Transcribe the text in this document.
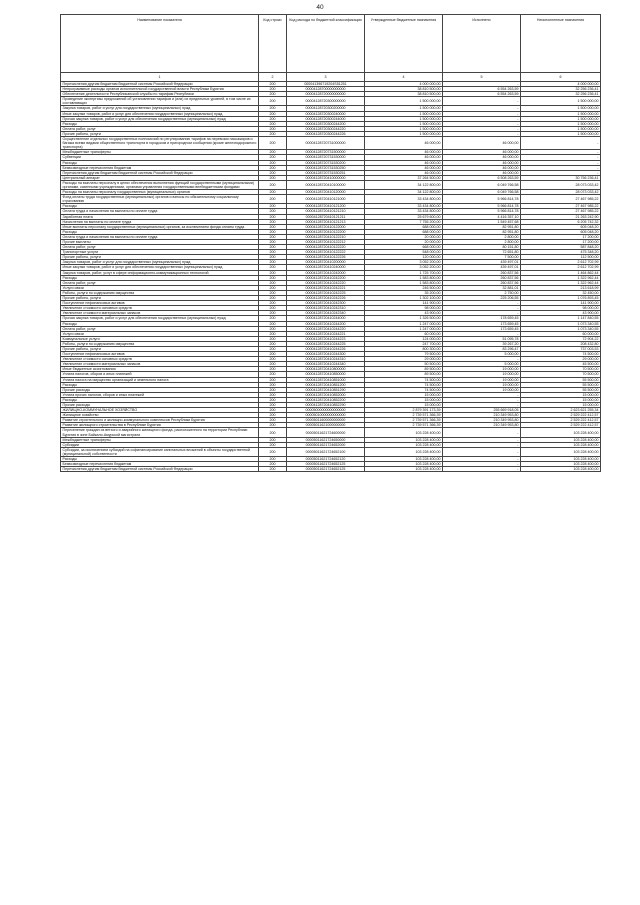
40
Наименование показателя	Код строки	Код расхода по бюджетной классификации	Утвержденные бюджетные назначения	Исполнено	Неисполненные назначения
1	2	3	4	5	6
Перечисления другим бюджетам бюджетной системы Российской Федерации	200	000041396719204S51251	4 000 000,00	-	4 000 000,00
Непрограммные расходы органов исполнительной государственной власти Республики Бурятия	200	00004128700000000000	38 810 500,00	6 554 263,59	32 256 236,41
Обеспечение деятельности Республиканской службы по тарифам Республики	200	00004128720000000000	38 810 500,00	6 554 263,59	32 256 236,41
Проведение экспертизы предложений об установлении тарифов и (или) их предельных уровней, в том числе их составляющих	200	00004128720300000000	1 500 000,00	-	1 500 000,00
Закупка товаров, работ и услуг для государственных (муниципальных) нужд	200	00004128720300200000	1 500 000,00	-	1 500 000,00
Иные закупки товаров, работ и услуг для обеспечения государственных (муниципальных) нужд	200	00004128720300240000	1 500 000,00	-	1 500 000,00
Прочая закупка товаров, работ и услуг для обеспечения государственных (муниципальных) нужд	200	00004128720300244000	1 500 000,00	-	1 500 000,00
Расходы	200	00004128720300244200	1 500 000,00	-	1 500 000,00
Оплата работ, услуг	200	00004128720300244220	1 500 000,00	-	1 500 000,00
Прочие работы, услуги	200	00004128720300244226	1 500 000,00	-	1 500 000,00
Осуществление отдельных государственных полномочий по регулированию тарифов на перевозки пассажиров и багажа всеми видами общественного транспорта в городском и пригородном сообщении (кроме железнодорожного транспорта)	200	00004128720731000000	46 000,00	46 000,00	-
Межбюджетные трансферты	200	00004128720731500000	46 000,00	46 000,00	-
Субвенции	200	00004128720731530000	46 000,00	46 000,00	-
Расходы	200	00004128720731530200	46 000,00	46 000,00	-
Безвозмездные перечисления бюджетам	200	00004128720731530250	46 000,00	46 000,00	-
Перечисления другим бюджетам бюджетной системы Российской Федерации	200	00004128720731530251	46 000,00	46 000,00	-
Центральный аппарат	200	00004128720410000000	37 264 500,00	6 508 263,59	30 756 236,41
Расходы на выплаты персоналу в целях обеспечения выполнения функций государственными (муниципальными) органами, казенными учреждениями, органами управления государственными внебюджетными фондами	200	00004128720410100000	34 122 800,00	6 049 766,58	28 073 033,42
Расходы на выплаты персоналу государственных (муниципальных) органов	200	00004128720410120000	34 122 800,00	6 049 766,58	28 073 033,42
Фонд оплаты труда государственных (муниципальных) органов и взносы по обязательному социальному страхованию	200	00004128720410121000	33 434 800,00	5 966 814,78	27 467 985,22
Расходы	200	00004128720410121200	33 434 800,00	5 966 814,78	27 467 985,22
Оплата труда и начисления на выплаты по оплате труда	200	00004128720410121210	33 434 800,00	5 966 814,78	27 467 985,22
Заработная плата	200	00004128720410121211	25 679 600,00	4 416 357,10	21 263 242,90
Начисления на выплаты по оплате труда	200	00004128720410121213	7 755 200,00	1 549 457,68	6 205 742,32
Иные выплаты персоналу государственных (муниципальных) органов, за исключением фонда оплаты труда	200	00004128720410122000	688 000,00	82 951,80	605 048,20
Расходы	200	00004128720410122200	688 000,00	82 951,80	605 048,20
Оплата труда и начисления на выплаты по оплате труда	200	00004128720410122210	20 000,00	2 800,00	17 200,00
Прочие выплаты	200	00004128720410122212	20 000,00	2 800,00	17 200,00
Оплата работ, услуг	200	00004128720410122220	668 000,00	80 151,80	587 848,20
Транспортные услуги	200	00004128720410122222	548 000,00	72 651,80	475 348,20
Прочие работы, услуги	200	00004128720410122226	120 000,00	7 500,00	112 500,00
Закупка товаров, работ и услуг для государственных (муниципальных) нужд	200	00004128720410200000	3 052 200,00	439 497,01	2 612 702,99
Иные закупки товаров, работ и услуг для обеспечения государственных (муниципальных) нужд	200	00004128720410240000	3 052 200,00	439 497,01	2 612 702,99
Закупка товаров, работ, услуг в сфере информационно-коммуникационных технологий	200	00004128720410242000	1 725 700,00	260 837,56	1 464 862,44
Расходы	200	00004128720410242200	1 583 800,00	260 837,56	1 322 962,44
Оплата работ, услуг	200	00004128720410242220	1 583 800,00	260 837,56	1 322 962,44
Услуги связи	200	00004128720410242221	246 500,00	32 881,01	213 618,99
Работы, услуги по содержанию имущества	200	00004128720410242225	35 200,00	2 750,00	32 450,00
Прочие работы, услуги	200	00004128720410242226	1 302 100,00	225 206,55	1 076 893,45
Поступление нефинансовых активов	200	00004128720410242300	141 900,00	-	141 900,00
Увеличение стоимости основных средств	200	00004128720410242310	98 000,00	-	98 000,00
Увеличение стоимости материальных запасов	200	00004128720410242340	43 900,00	-	43 900,00
Прочая закупка товаров, работ и услуг для обеспечения государственных (муниципальных) нужд	200	00004128720410244000	1 326 500,00	178 659,45	1 147 840,55
Расходы	200	00004128720410244200	1 247 000,00	173 659,45	1 073 340,55
Оплата работ, услуг	200	00004128720410244220	1 247 000,00	173 659,45	1 073 340,55
Услуги связи	200	00004128720410244221	60 000,00	-	60 000,00
Коммунальные услуги	200	00004128720410244223	124 000,00	51 095,78	72 904,22
Работы, услуги по содержанию имущества	200	00004128720410244225	247 700,00	39 267,20	208 432,80
Прочие работы, услуги	200	00004128720410244226	800 300,00	83 296,47	737 003,53
Поступление нефинансовых активов	200	00004128720410244300	79 500,00	5 000,00	74 500,00
Увеличение стоимости основных средств	200	00004128720410244310	29 000,00	-	29 000,00
Увеличение стоимости материальных запасов	200	00004128720410244340	50 500,00	5 000,00	45 500,00
Иные бюджетные ассигнования	200	00004128720410800000	89 500,00	19 000,00	70 500,00
Уплата налогов, сборов и иных платежей	200	00004128720410850000	89 500,00	19 000,00	70 500,00
Уплата налога на имущество организаций и земельного налога	200	00004128720410851000	74 500,00	19 000,00	55 500,00
Расходы	200	00004128720410851200	74 500,00	19 000,00	55 500,00
Прочие расходы	200	00004128720410851290	74 500,00	19 000,00	55 500,00
Уплата прочих налогов, сборов и иных платежей	200	00004128720410852000	15 000,00	-	15 000,00
Расходы	200	00004128720410852200	15 000,00	-	15 000,00
Прочие расходы	200	00004128720410852290	15 000,00	-	15 000,00
ЖИЛИЩНО-КОММУНАЛЬНОЕ ХОЗЯЙСТВО	200	00005000000000000000	2 879 391 173,39	255 669 918,05	2 623 621 255,34
Жилищное хозяйство	200	00005010000000000000	2 739 571 366,39	210 349 953,80	2 529 222 412,57
Развитие строительного и жилищно-коммунального комплексов Республики Бурятия	200	00005011600000000000	2 739 571 366,39	210 349 953,80	2 529 222 412,57
Развитие жилищного строительства в Республике Бурятия	200	00005011621000000000	2 739 571 366,39	210 349 953,80	2 529 222 412,57
Переселение граждан из ветхого и аварийного жилищного фонда, расположенного на территории Республики Бурятия в зоне Байкало-Амурской магистрали	200	00005011621724600000	103 228 400,00	-	103 228 400,00
Межбюджетные трансферты	200	00005011621724650000	103 228 400,00	-	103 228 400,00
Субсидии	200	00005011621724652000	103 228 400,00	-	103 228 400,00
Субсидии, за исключением субсидий на софинансирование капитальных вложений в объекты государственной (муниципальной) собственности	200	00005011621724652100	103 228 400,00	-	103 228 400,00
Расходы	200	00005011621724652120	103 228 400,00	-	103 228 400,00
Безвозмездные перечисления бюджетам	200	00005011621724652125	103 228 400,00	-	103 228 400,00
Перечисления другим бюджетам бюджетной системы Российской Федерации	200	00005011621724652125	103 228 400,00	-	103 228 400,00
